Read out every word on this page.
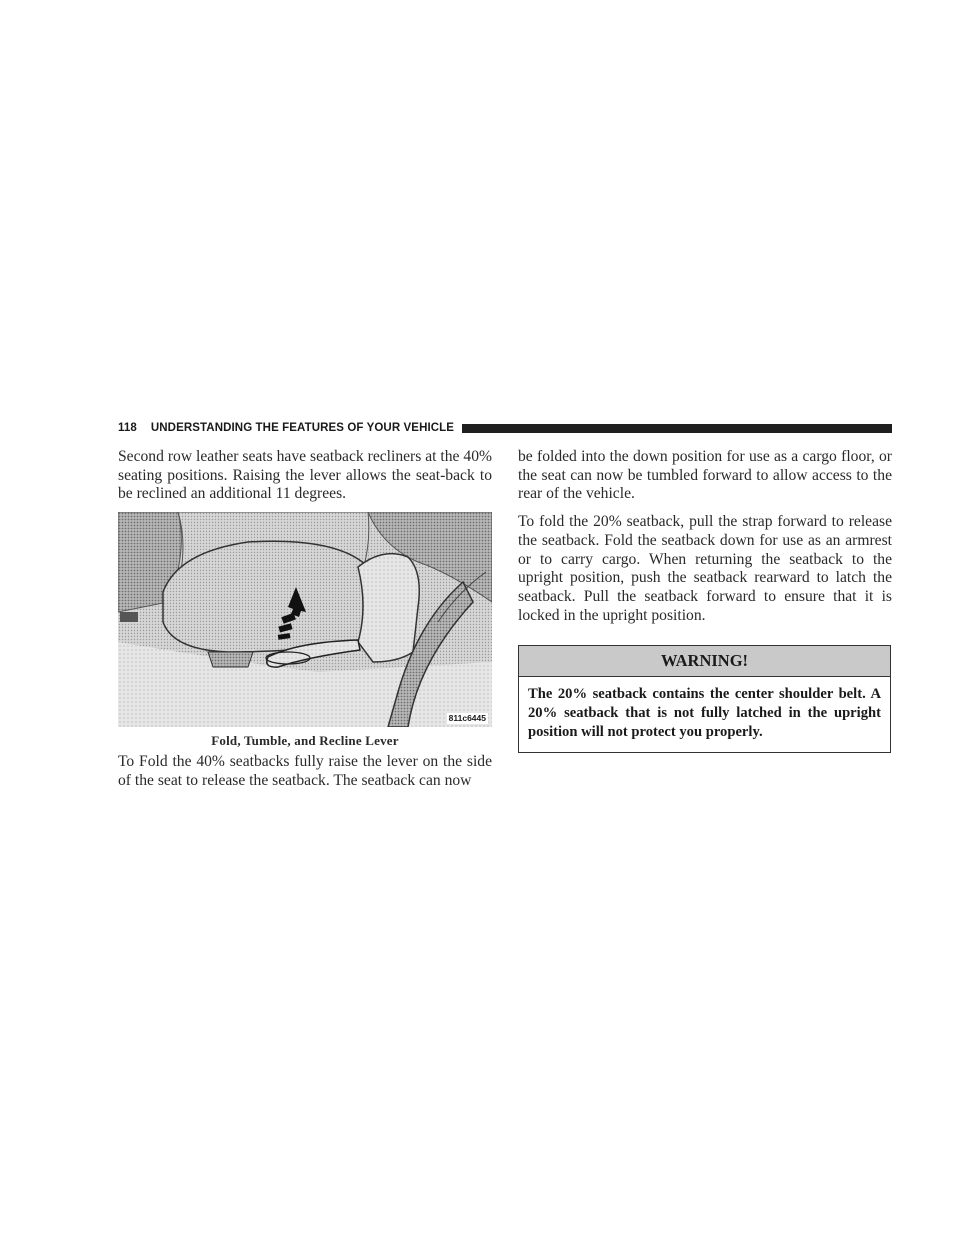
118 UNDERSTANDING THE FEATURES OF YOUR VEHICLE

Second row leather seats have seatback recliners at the 40% seating positions. Raising the lever allows the seat-back to be reclined an additional 11 degrees.

811c6445
Fold, Tumble, and Recline Lever

To Fold the 40% seatbacks fully raise the lever on the side of the seat to release the seatback. The seatback can now

be folded into the down position for use as a cargo floor, or the seat can now be tumbled forward to allow access to the rear of the vehicle.

To fold the 20% seatback, pull the strap forward to release the seatback. Fold the seatback down for use as an armrest or to carry cargo. When returning the seatback to the upright position, push the seatback rearward to latch the seatback. Pull the seatback forward to ensure that it is locked in the upright position.

WARNING!
The 20% seatback contains the center shoulder belt. A 20% seatback that is not fully latched in the upright position will not protect you properly.
